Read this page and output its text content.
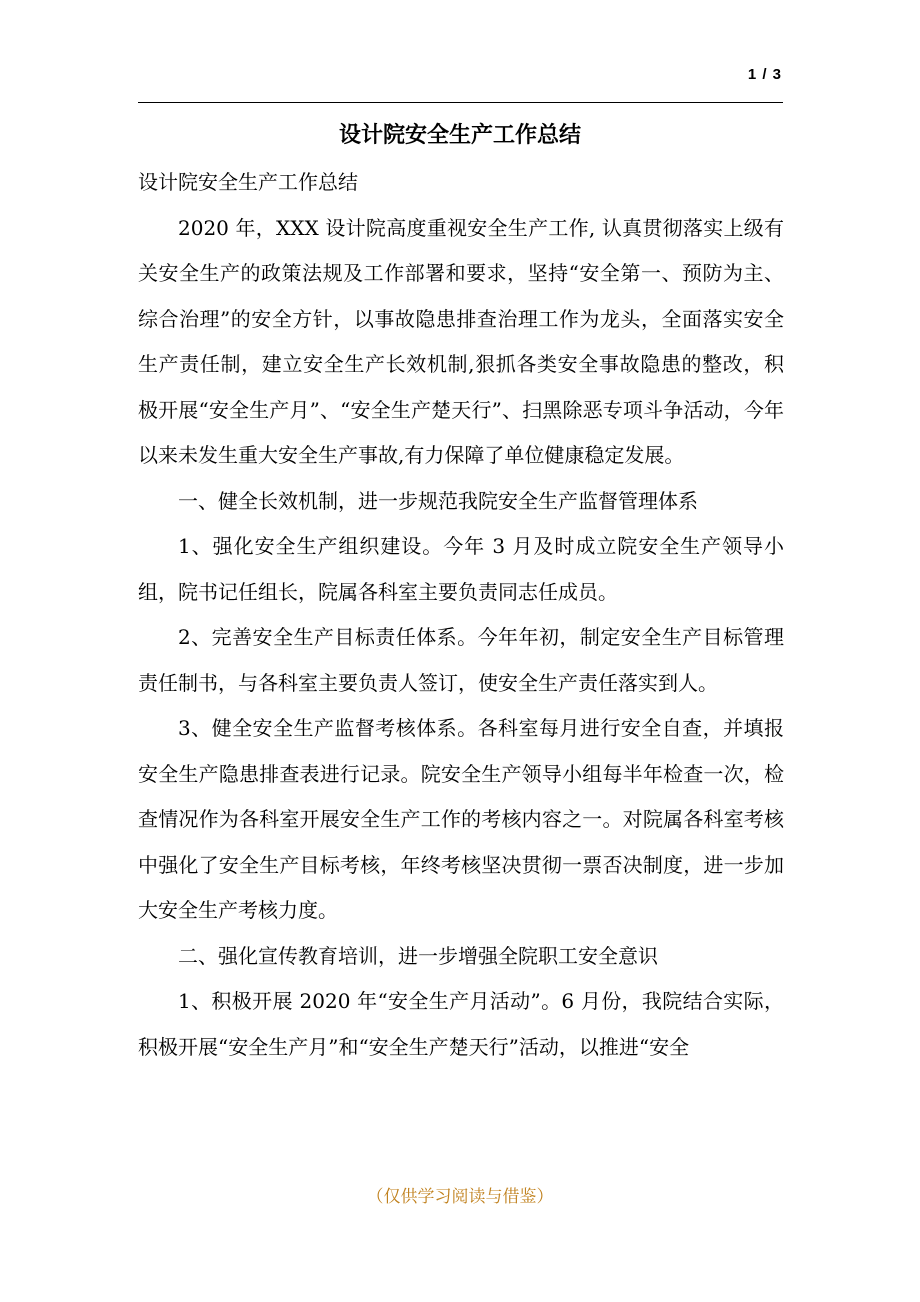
1 / 3
设计院安全生产工作总结

设计院安全生产工作总结

2020 年，XXX 设计院高度重视安全生产工作, 认真贯彻落实上级有关安全生产的政策法规及工作部署和要求，坚持“安全第一、预防为主、综合治理”的安全方针，以事故隐患排查治理工作为龙头，全面落实安全生产责任制，建立安全生产长效机制,狠抓各类安全事故隐患的整改，积极开展“安全生产月”、“安全生产楚天行”、扫黑除恶专项斗争活动，今年以来未发生重大安全生产事故,有力保障了单位健康稳定发展。

一、健全长效机制，进一步规范我院安全生产监督管理体系

1、强化安全生产组织建设。今年 3 月及时成立院安全生产领导小组，院书记任组长，院属各科室主要负责同志任成员。

2、完善安全生产目标责任体系。今年年初，制定安全生产目标管理责任制书，与各科室主要负责人签订，使安全生产责任落实到人。

3、健全安全生产监督考核体系。各科室每月进行安全自查，并填报安全生产隐患排查表进行记录。院安全生产领导小组每半年检查一次，检查情况作为各科室开展安全生产工作的考核内容之一。对院属各科室考核中强化了安全生产目标考核，年终考核坚决贯彻一票否决制度，进一步加大安全生产考核力度。

二、强化宣传教育培训，进一步增强全院职工安全意识

1、积极开展 2020 年“安全生产月活动”。6 月份，我院结合实际，积极开展“安全生产月”和“安全生产楚天行”活动，以推进“安全

（仅供学习阅读与借鉴）
